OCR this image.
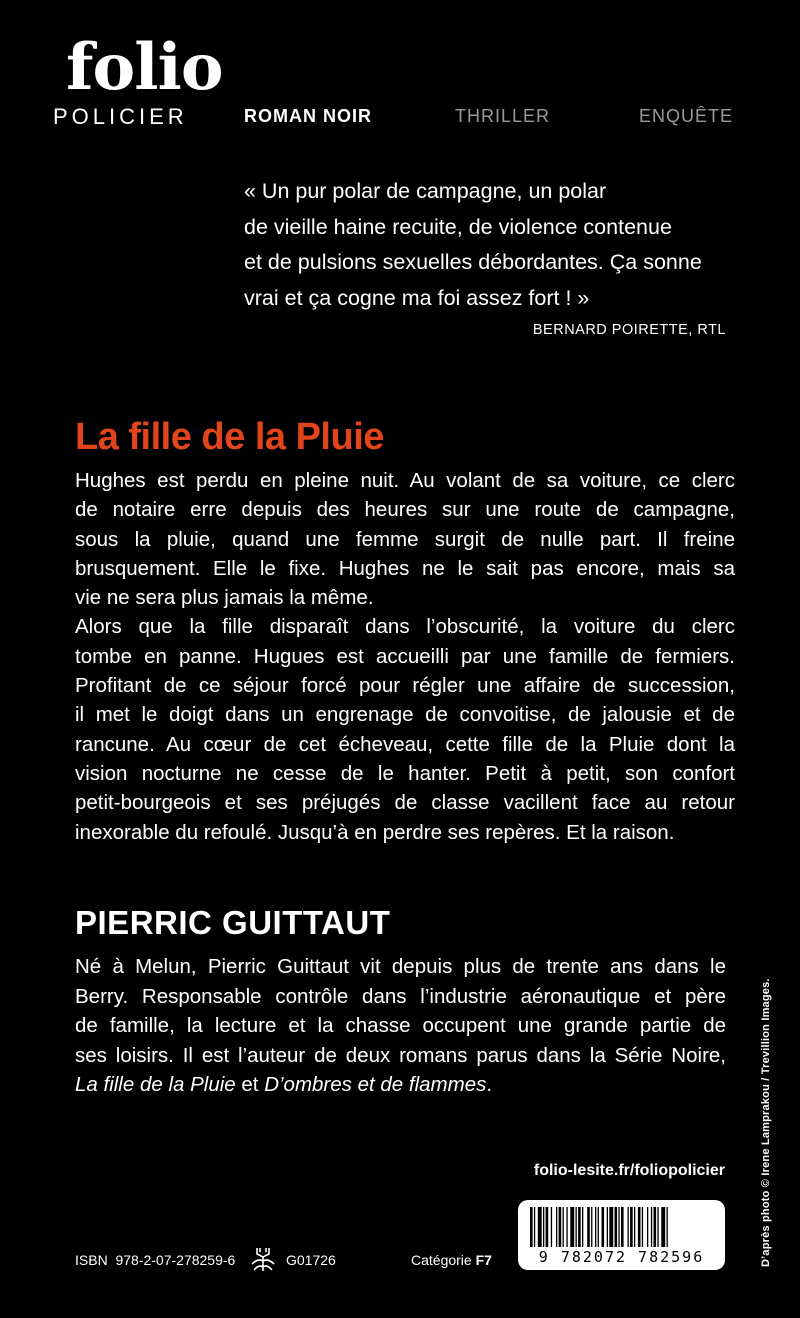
folio
POLICIER	ROMAN NOIR	THRILLER	ENQUÊTE
« Un pur polar de campagne, un polar
de vieille haine recuite, de violence contenue
et de pulsions sexuelles débordantes. Ça sonne
vrai et ça cogne ma foi assez fort ! »
BERNARD POIRETTE, RTL
La fille de la Pluie
Hughes est perdu en pleine nuit. Au volant de sa voiture, ce clerc
de notaire erre depuis des heures sur une route de campagne,
sous la pluie, quand une femme surgit de nulle part. Il freine
brusquement. Elle le fixe. Hughes ne le sait pas encore, mais sa
vie ne sera plus jamais la même.
Alors que la fille disparaît dans l’obscurité, la voiture du clerc
tombe en panne. Hugues est accueilli par une famille de fermiers.
Profitant de ce séjour forcé pour régler une affaire de succession,
il met le doigt dans un engrenage de convoitise, de jalousie et de
rancune. Au cœur de cet écheveau, cette fille de la Pluie dont la
vision nocturne ne cesse de le hanter. Petit à petit, son confort
petit-bourgeois et ses préjugés de classe vacillent face au retour
inexorable du refoulé. Jusqu’à en perdre ses repères. Et la raison.
PIERRIC GUITTAUT
Né à Melun, Pierric Guittaut vit depuis plus de trente ans dans le
Berry. Responsable contrôle dans l’industrie aéronautique et père
de famille, la lecture et la chasse occupent une grande partie de
ses loisirs. Il est l’auteur de deux romans parus dans la Série Noire,
La fille de la Pluie et D’ombres et de flammes.
folio-lesite.fr/foliopolicier
ISBN  978-2-07-278259-6	G01726	Catégorie F7	9 782072 782596	D’après photo © Irene Lamprakou / Trevillion Images.
